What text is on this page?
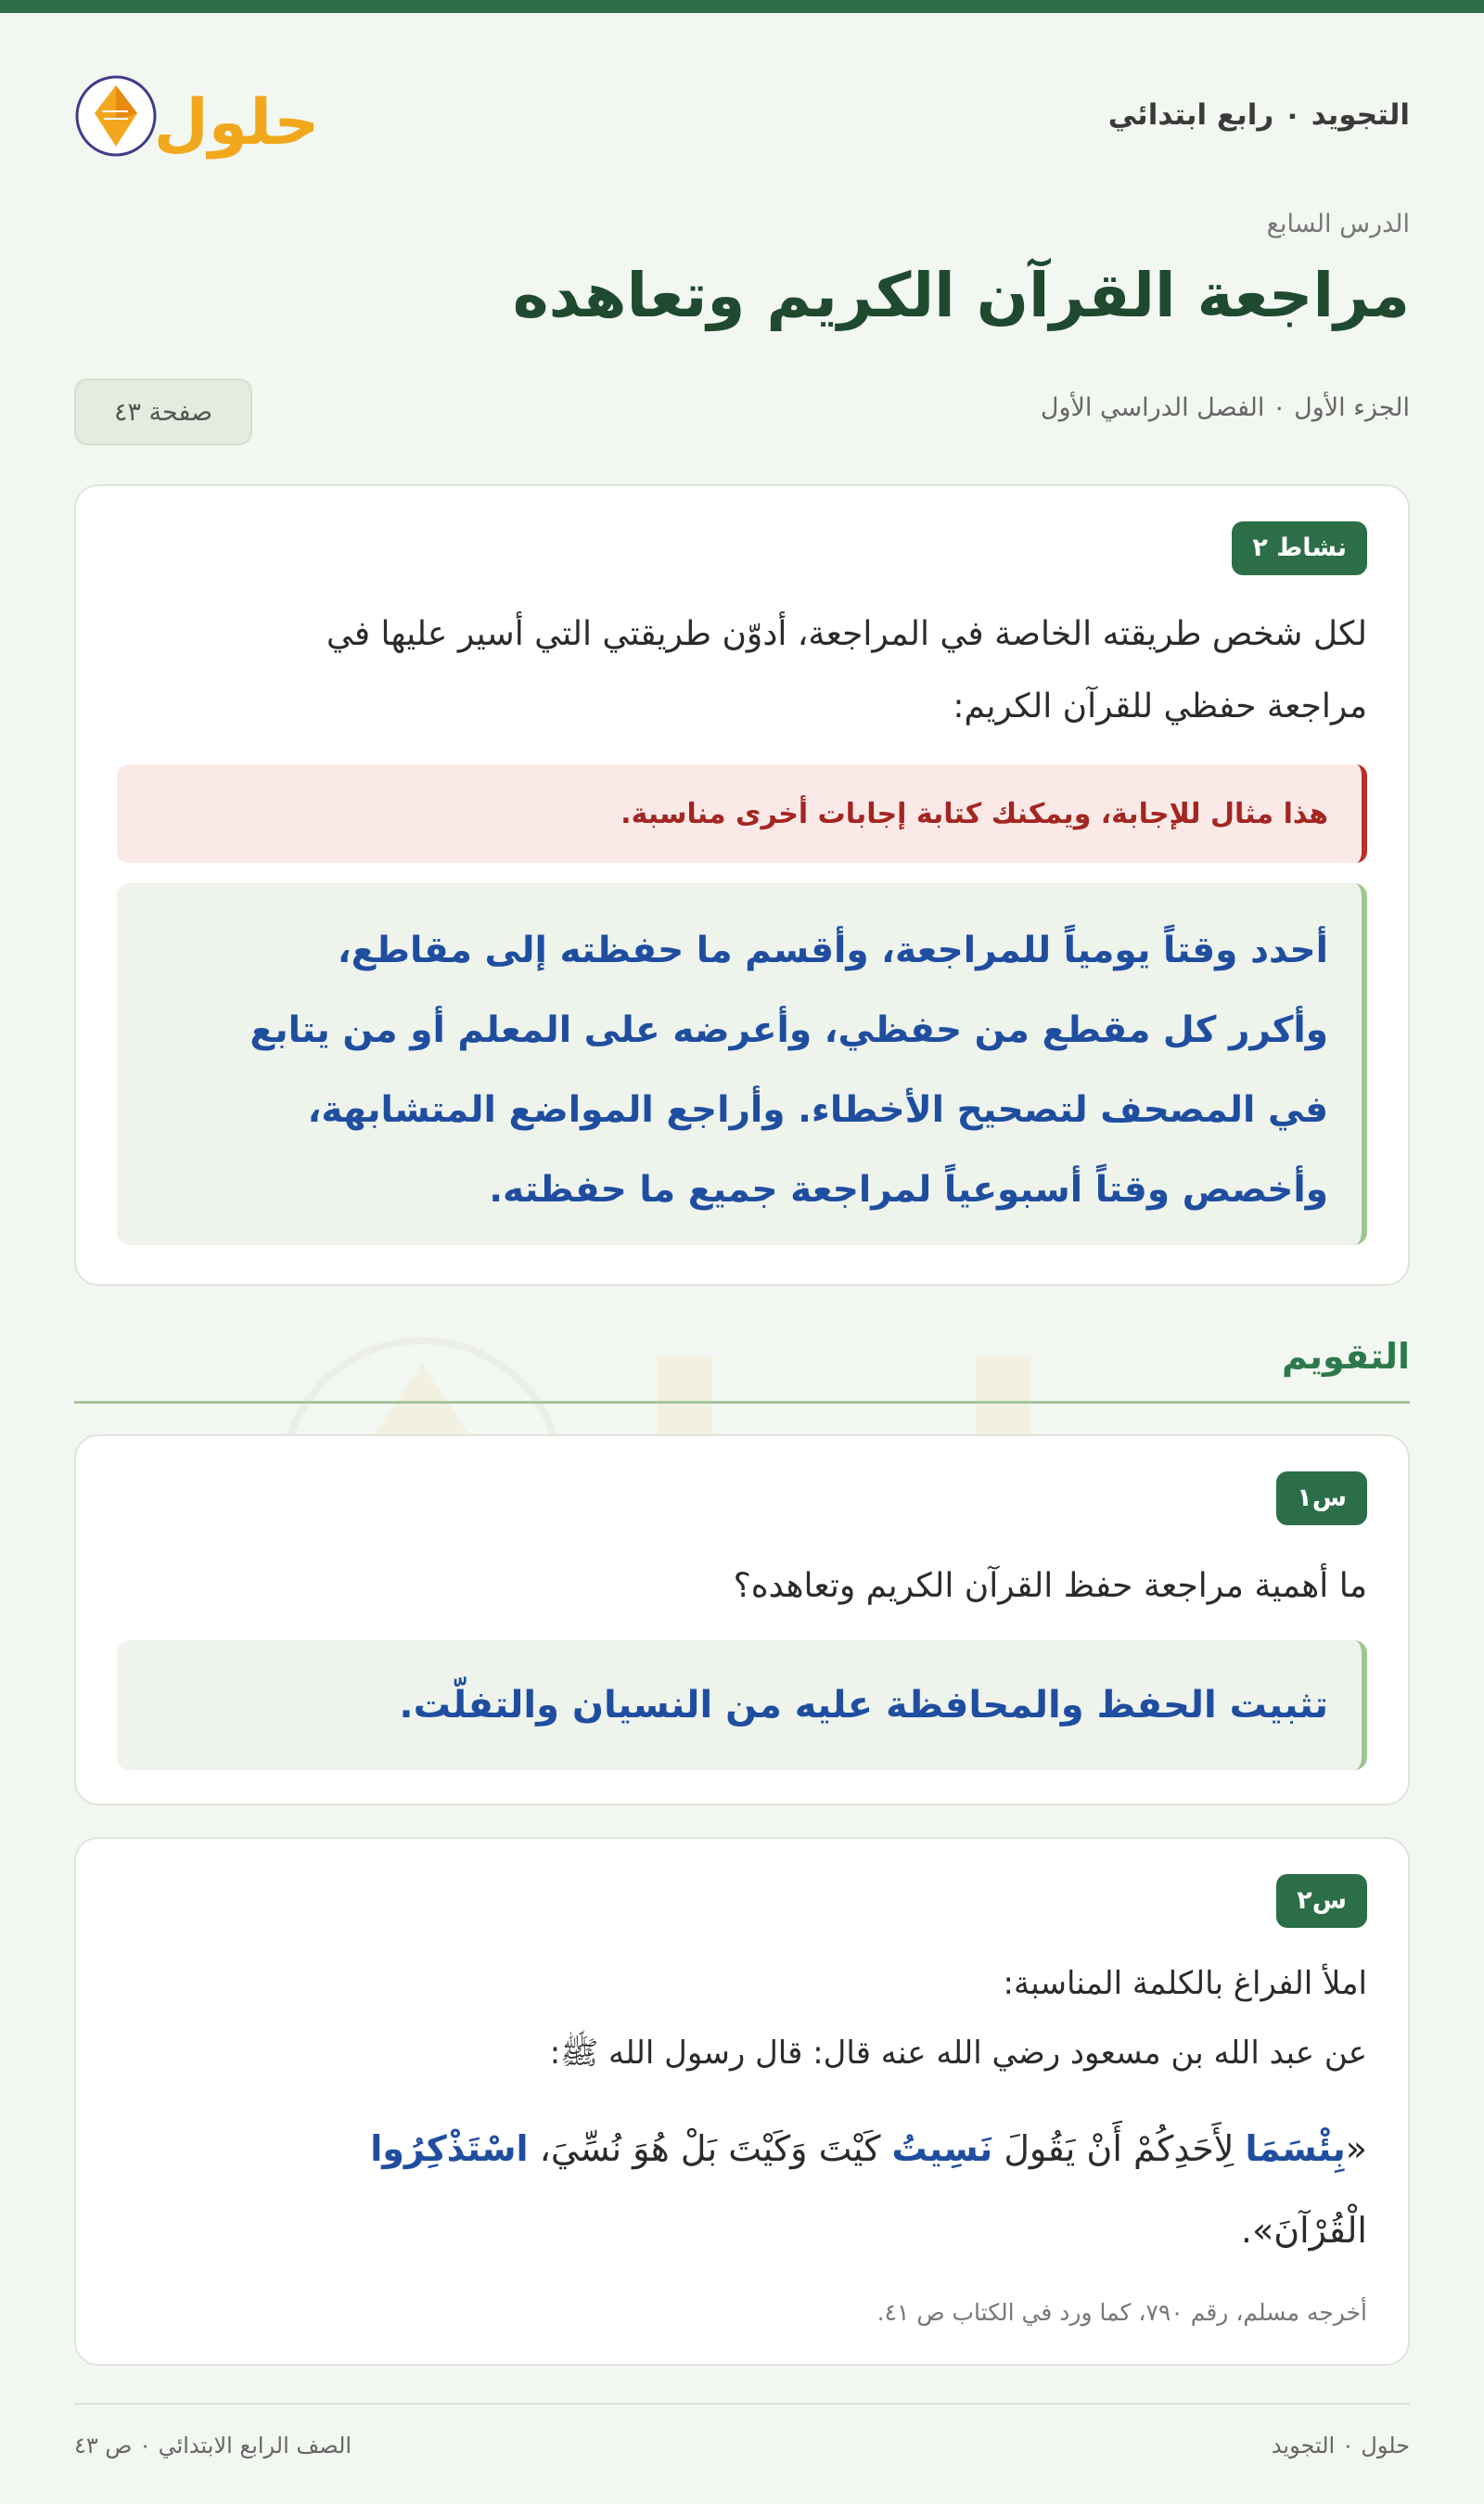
التجويد ٠ رابع ابتدائي
حلول
الدرس السابع
مراجعة القرآن الكريم وتعاهده
الجزء الأول ٠ الفصل الدراسي الأول
صفحة ٤٣
نشاط ٢
لكل شخص طريقته الخاصة في المراجعة، أدوّن طريقتي التي أسير عليها في
مراجعة حفظي للقرآن الكريم:
هذا مثال للإجابة، ويمكنك كتابة إجابات أخرى مناسبة.
أحدد وقتاً يومياً للمراجعة، وأقسم ما حفظته إلى مقاطع،
وأكرر كل مقطع من حفظي، وأعرضه على المعلم أو من يتابع
في المصحف لتصحيح الأخطاء. وأراجع المواضع المتشابهة،
وأخصص وقتاً أسبوعياً لمراجعة جميع ما حفظته.
التقويم
س١
ما أهمية مراجعة حفظ القرآن الكريم وتعاهده؟
تثبيت الحفظ والمحافظة عليه من النسيان والتفلّت.
س٢
املأ الفراغ بالكلمة المناسبة:
عن عبد الله بن مسعود رضي الله عنه قال: قال رسول الله ﷺ:
«بِئْسَمَا لِأَحَدِكُمْ أَنْ يَقُولَ نَسِيتُ كَيْتَ وَكَيْتَ بَلْ هُوَ نُسِّيَ، اسْتَذْكِرُوا
الْقُرْآنَ».
أخرجه مسلم، رقم ٧٩٠، كما ورد في الكتاب ص ٤١.
حلول ٠ التجويد
الصف الرابع الابتدائي ٠ ص ٤٣
